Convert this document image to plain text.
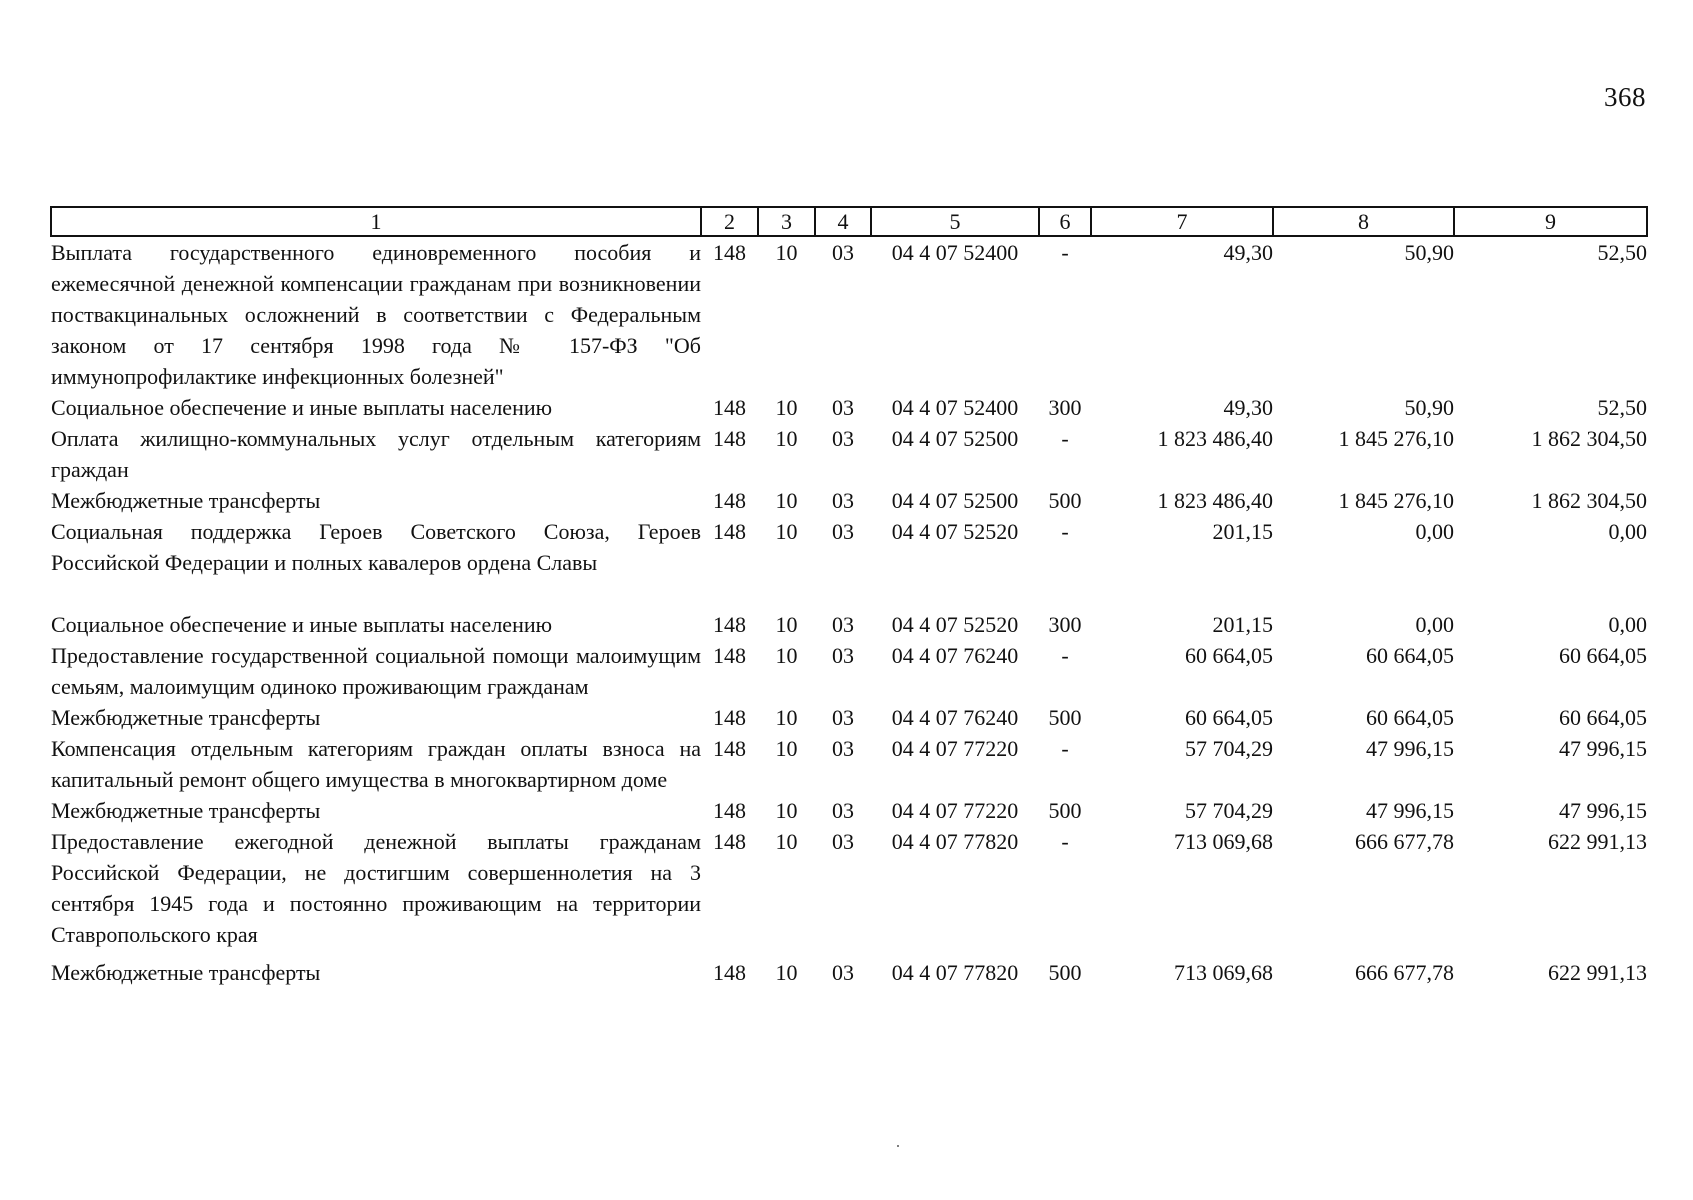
368
1	2	3	4	5	6	7	8	9
Выплата государственного единовременного пособия и ежемесячной денежной компенсации гражданам при возникновении поствакцинальных осложнений в соответствии с Федеральным законом от 17 сентября 1998 года № 157-ФЗ "Об иммунопрофилактике инфекционных болезней"	148	10	03	04 4 07 52400	-	49,30	50,90	52,50
Социальное обеспечение и иные выплаты населению	148	10	03	04 4 07 52400	300	49,30	50,90	52,50
Оплата жилищно-коммунальных услуг отдельным категориям граждан	148	10	03	04 4 07 52500	-	1 823 486,40	1 845 276,10	1 862 304,50
Межбюджетные трансферты	148	10	03	04 4 07 52500	500	1 823 486,40	1 845 276,10	1 862 304,50
Социальная поддержка Героев Советского Союза, Героев Российской Федерации и полных кавалеров ордена Славы	148	10	03	04 4 07 52520	-	201,15	0,00	0,00
Социальное обеспечение и иные выплаты населению	148	10	03	04 4 07 52520	300	201,15	0,00	0,00
Предоставление государственной социальной помощи малоимущим семьям, малоимущим одиноко проживающим гражданам	148	10	03	04 4 07 76240	-	60 664,05	60 664,05	60 664,05
Межбюджетные трансферты	148	10	03	04 4 07 76240	500	60 664,05	60 664,05	60 664,05
Компенсация отдельным категориям граждан оплаты взноса на капитальный ремонт общего имущества в многоквартирном доме	148	10	03	04 4 07 77220	-	57 704,29	47 996,15	47 996,15
Межбюджетные трансферты	148	10	03	04 4 07 77220	500	57 704,29	47 996,15	47 996,15
Предоставление ежегодной денежной выплаты гражданам Российской Федерации, не достигшим совершеннолетия на 3 сентября 1945 года и постоянно проживающим на территории Ставропольского края	148	10	03	04 4 07 77820	-	713 069,68	666 677,78	622 991,13
Межбюджетные трансферты	148	10	03	04 4 07 77820	500	713 069,68	666 677,78	622 991,13
